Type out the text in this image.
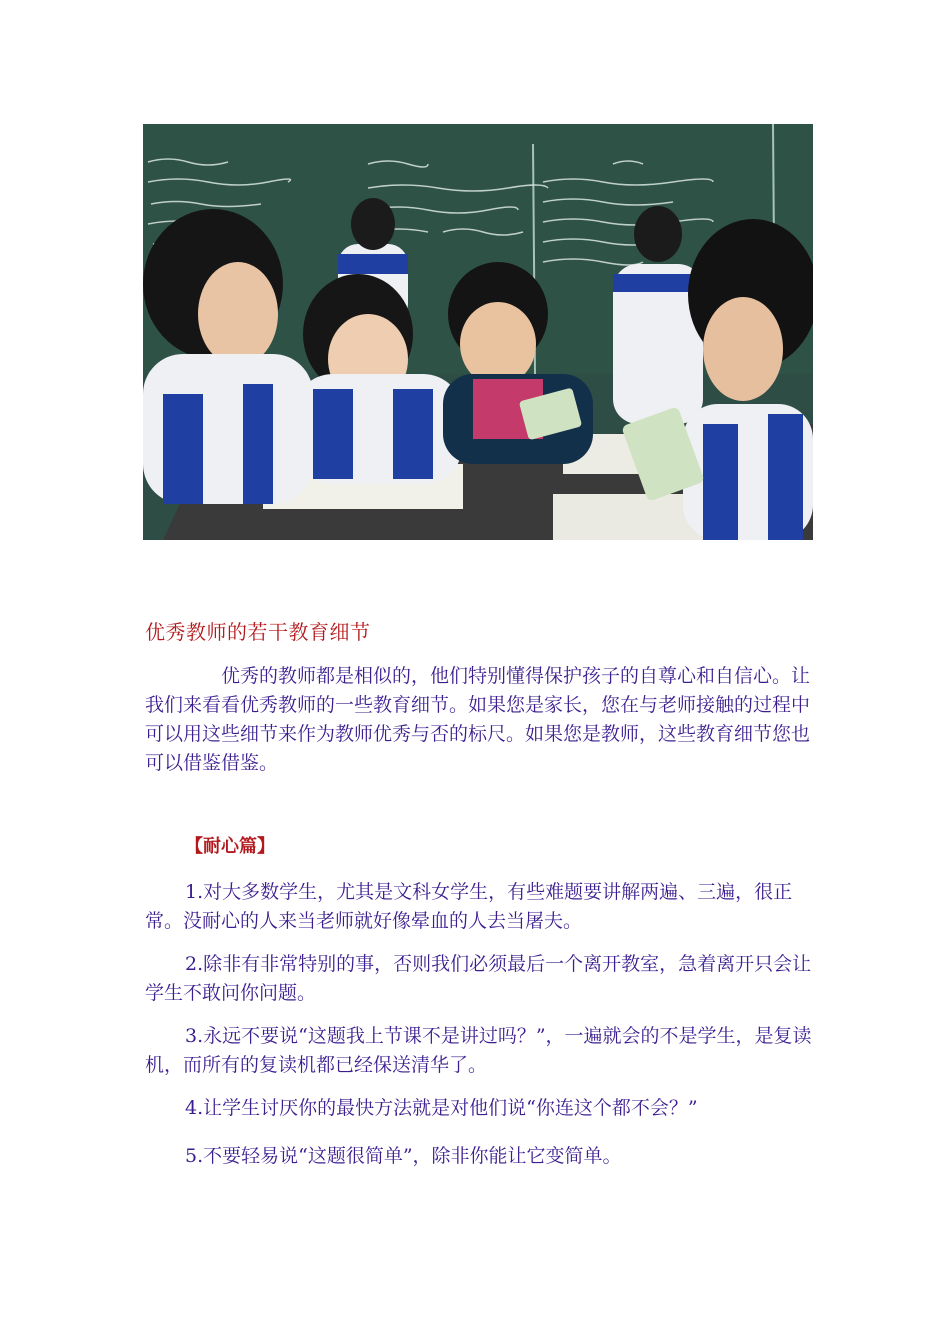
优秀教师的若干教育细节

优秀的教师都是相似的，他们特别懂得保护孩子的自尊心和自信心。让我们来看看优秀教师的一些教育细节。如果您是家长，您在与老师接触的过程中可以用这些细节来作为教师优秀与否的标尺。如果您是教师，这些教育细节您也可以借鉴借鉴。

【耐心篇】

1.对大多数学生，尤其是文科女学生，有些难题要讲解两遍、三遍，很正常。没耐心的人来当老师就好像晕血的人去当屠夫。

2.除非有非常特别的事，否则我们必须最后一个离开教室，急着离开只会让学生不敢问你问题。

3.永远不要说“这题我上节课不是讲过吗？”，一遍就会的不是学生，是复读机，而所有的复读机都已经保送清华了。

4.让学生讨厌你的最快方法就是对他们说“你连这个都不会？”

5.不要轻易说“这题很简单”，除非你能让它变简单。
